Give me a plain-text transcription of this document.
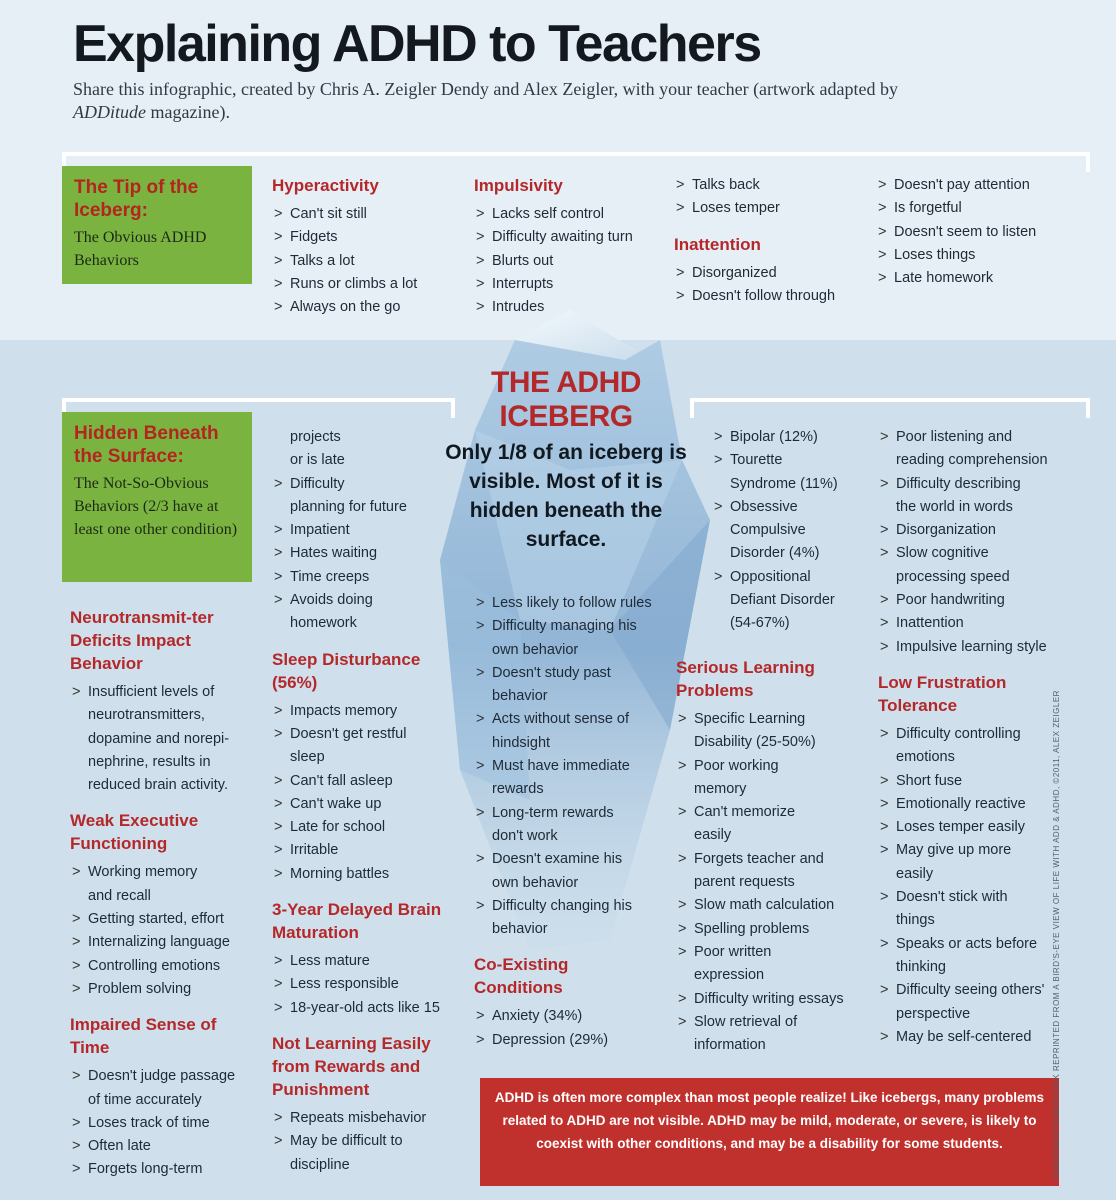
Explaining ADHD to Teachers
Share this infographic, created by Chris A. Zeigler Dendy and Alex Zeigler, with your teacher (artwork adapted by ADDitude magazine).
The Tip of the Iceberg:
The Obvious ADHD Behaviors
Hyperactivity
> Can't sit still
> Fidgets
> Talks a lot
> Runs or climbs a lot
> Always on the go
Impulsivity
> Lacks self control
> Difficulty awaiting turn
> Blurts out
> Interrupts
> Intrudes
> Talks back
> Loses temper
Inattention
> Disorganized
> Doesn't follow through
> Doesn't pay attention
> Is forgetful
> Doesn't seem to listen
> Loses things
> Late homework
THE ADHD ICEBERG
Only 1/8 of an iceberg is visible. Most of it is hidden beneath the surface.
Hidden Beneath the Surface:
The Not-So-Obvious Behaviors (2/3 have at least one other condition)
Neurotransmit-ter Deficits Impact Behavior
> Insufficient levels of
neurotransmitters,
dopamine and norepi-
nephrine, results in
reduced brain activity.
Weak Executive Functioning
> Working memory
and recall
> Getting started, effort
> Internalizing language
> Controlling emotions
> Problem solving
Impaired Sense of Time
> Doesn't judge passage
of time accurately
> Loses track of time
> Often late
> Forgets long-term
projects
or is late
> Difficulty
planning for future
> Impatient
> Hates waiting
> Time creeps
> Avoids doing
homework
Sleep Disturbance (56%)
> Impacts memory
> Doesn't get restful
sleep
> Can't fall asleep
> Can't wake up
> Late for school
> Irritable
> Morning battles
3-Year Delayed Brain Maturation
> Less mature
> Less responsible
> 18-year-old acts like 15
Not Learning Easily from Rewards and Punishment
> Repeats misbehavior
> May be difficult to
discipline
> Less likely to follow rules
> Difficulty managing his
own behavior
> Doesn't study past
behavior
> Acts without sense of
hindsight
> Must have immediate
rewards
> Long-term rewards
don't work
> Doesn't examine his
own behavior
> Difficulty changing his
behavior
Co-Existing Conditions
> Anxiety (34%)
> Depression (29%)
> Bipolar (12%)
> Tourette
Syndrome (11%)
> Obsessive
Compulsive
Disorder (4%)
> Oppositional
Defiant Disorder
(54-67%)
Serious Learning Problems
> Specific Learning
Disability (25-50%)
> Poor working
memory
> Can't memorize
easily
> Forgets teacher and
parent requests
> Slow math calculation
> Spelling problems
> Poor written
expression
> Difficulty writing essays
> Slow retrieval of
information
> Poor listening and
reading comprehension
> Difficulty describing
the world in words
> Disorganization
> Slow cognitive
processing speed
> Poor handwriting
> Inattention
> Impulsive learning style
Low Frustration Tolerance
> Difficulty controlling
emotions
> Short fuse
> Emotionally reactive
> Loses temper easily
> May give up more
easily
> Doesn't stick with
things
> Speaks or acts before
thinking
> Difficulty seeing others'
perspective
> May be self-centered
ADHD is often more complex than most people realize! Like icebergs, many problems related to ADHD are not visible. ADHD may be mild, moderate, or severe, is likely to coexist with other conditions, and may be a disability for some students.	HANOHIGH/THINKSTOCK REPRINTED FROM A BIRD'S-EYE VIEW OF LIFE WITH ADD & ADHD, ©2011, ALEX ZEIGLER
